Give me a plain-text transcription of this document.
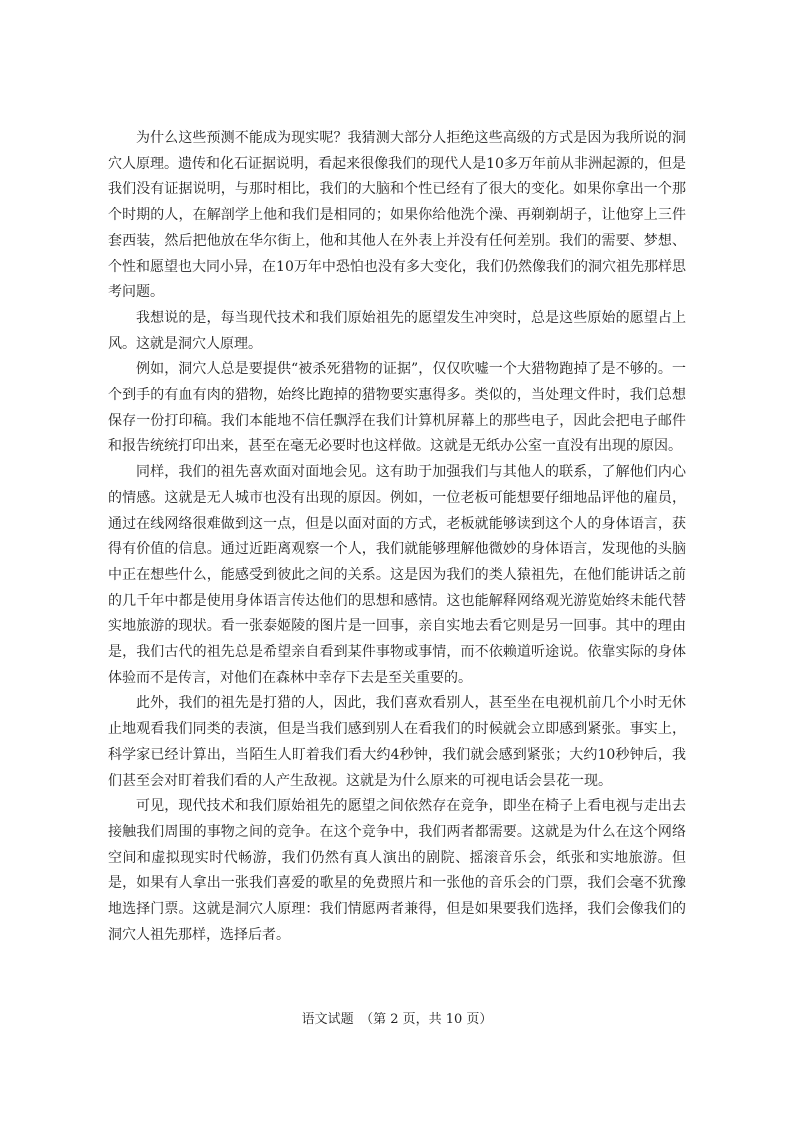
为什么这些预测不能成为现实呢？我猜测大部分人拒绝这些高级的方式是因为我所说的洞穴人原理。遗传和化石证据说明，看起来很像我们的现代人是10多万年前从非洲起源的，但是我们没有证据说明，与那时相比，我们的大脑和个性已经有了很大的变化。如果你拿出一个那个时期的人，在解剖学上他和我们是相同的；如果你给他洗个澡、再剃剃胡子，让他穿上三件套西装，然后把他放在华尔街上，他和其他人在外表上并没有任何差别。我们的需要、梦想、个性和愿望也大同小异，在10万年中恐怕也没有多大变化，我们仍然像我们的洞穴祖先那样思考问题。

我想说的是，每当现代技术和我们原始祖先的愿望发生冲突时，总是这些原始的愿望占上风。这就是洞穴人原理。

例如，洞穴人总是要提供“被杀死猎物的证据”，仅仅吹嘘一个大猎物跑掉了是不够的。一个到手的有血有肉的猎物，始终比跑掉的猎物要实惠得多。类似的，当处理文件时，我们总想保存一份打印稿。我们本能地不信任飘浮在我们计算机屏幕上的那些电子，因此会把电子邮件和报告统统打印出来，甚至在毫无必要时也这样做。这就是无纸办公室一直没有出现的原因。

同样，我们的祖先喜欢面对面地会见。这有助于加强我们与其他人的联系，了解他们内心的情感。这就是无人城市也没有出现的原因。例如，一位老板可能想要仔细地品评他的雇员，通过在线网络很难做到这一点，但是以面对面的方式，老板就能够读到这个人的身体语言，获得有价值的信息。通过近距离观察一个人，我们就能够理解他微妙的身体语言，发现他的头脑中正在想些什么，能感受到彼此之间的关系。这是因为我们的类人猿祖先，在他们能讲话之前的几千年中都是使用身体语言传达他们的思想和感情。这也能解释网络观光游览始终未能代替实地旅游的现状。看一张泰姬陵的图片是一回事，亲自实地去看它则是另一回事。其中的理由是，我们古代的祖先总是希望亲自看到某件事物或事情，而不依赖道听途说。依靠实际的身体体验而不是传言，对他们在森林中幸存下去是至关重要的。

此外，我们的祖先是打猎的人，因此，我们喜欢看别人，甚至坐在电视机前几个小时无休止地观看我们同类的表演，但是当我们感到别人在看我们的时候就会立即感到紧张。事实上，科学家已经计算出，当陌生人盯着我们看大约4秒钟，我们就会感到紧张；大约10秒钟后，我们甚至会对盯着我们看的人产生敌视。这就是为什么原来的可视电话会昙花一现。

可见，现代技术和我们原始祖先的愿望之间依然存在竞争，即坐在椅子上看电视与走出去接触我们周围的事物之间的竞争。在这个竞争中，我们两者都需要。这就是为什么在这个网络空间和虚拟现实时代畅游，我们仍然有真人演出的剧院、摇滚音乐会，纸张和实地旅游。但是，如果有人拿出一张我们喜爱的歌星的免费照片和一张他的音乐会的门票，我们会毫不犹豫地选择门票。这就是洞穴人原理：我们情愿两者兼得，但是如果要我们选择，我们会像我们的洞穴人祖先那样，选择后者。

语文试题　（第 2 页，共 10 页）
